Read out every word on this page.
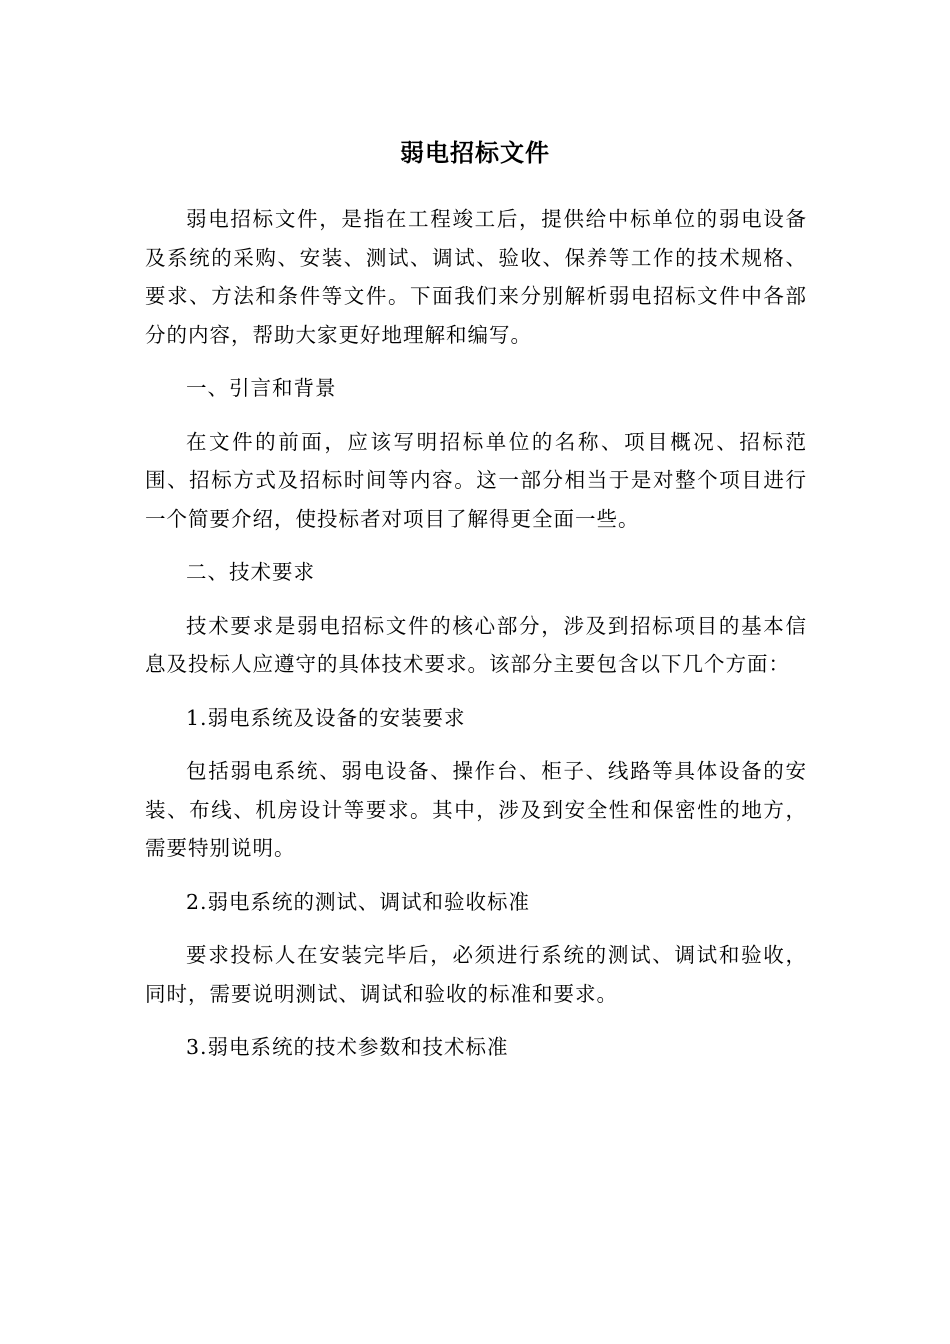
弱电招标文件

弱电招标文件，是指在工程竣工后，提供给中标单位的弱电设备及系统的采购、安装、测试、调试、验收、保养等工作的技术规格、要求、方法和条件等文件。下面我们来分别解析弱电招标文件中各部分的内容，帮助大家更好地理解和编写。

一、引言和背景

在文件的前面，应该写明招标单位的名称、项目概况、招标范围、招标方式及招标时间等内容。这一部分相当于是对整个项目进行一个简要介绍，使投标者对项目了解得更全面一些。

二、技术要求

技术要求是弱电招标文件的核心部分，涉及到招标项目的基本信息及投标人应遵守的具体技术要求。该部分主要包含以下几个方面：

1.弱电系统及设备的安装要求

包括弱电系统、弱电设备、操作台、柜子、线路等具体设备的安装、布线、机房设计等要求。其中，涉及到安全性和保密性的地方，需要特别说明。

2.弱电系统的测试、调试和验收标准

要求投标人在安装完毕后，必须进行系统的测试、调试和验收，同时，需要说明测试、调试和验收的标准和要求。

3.弱电系统的技术参数和技术标准
